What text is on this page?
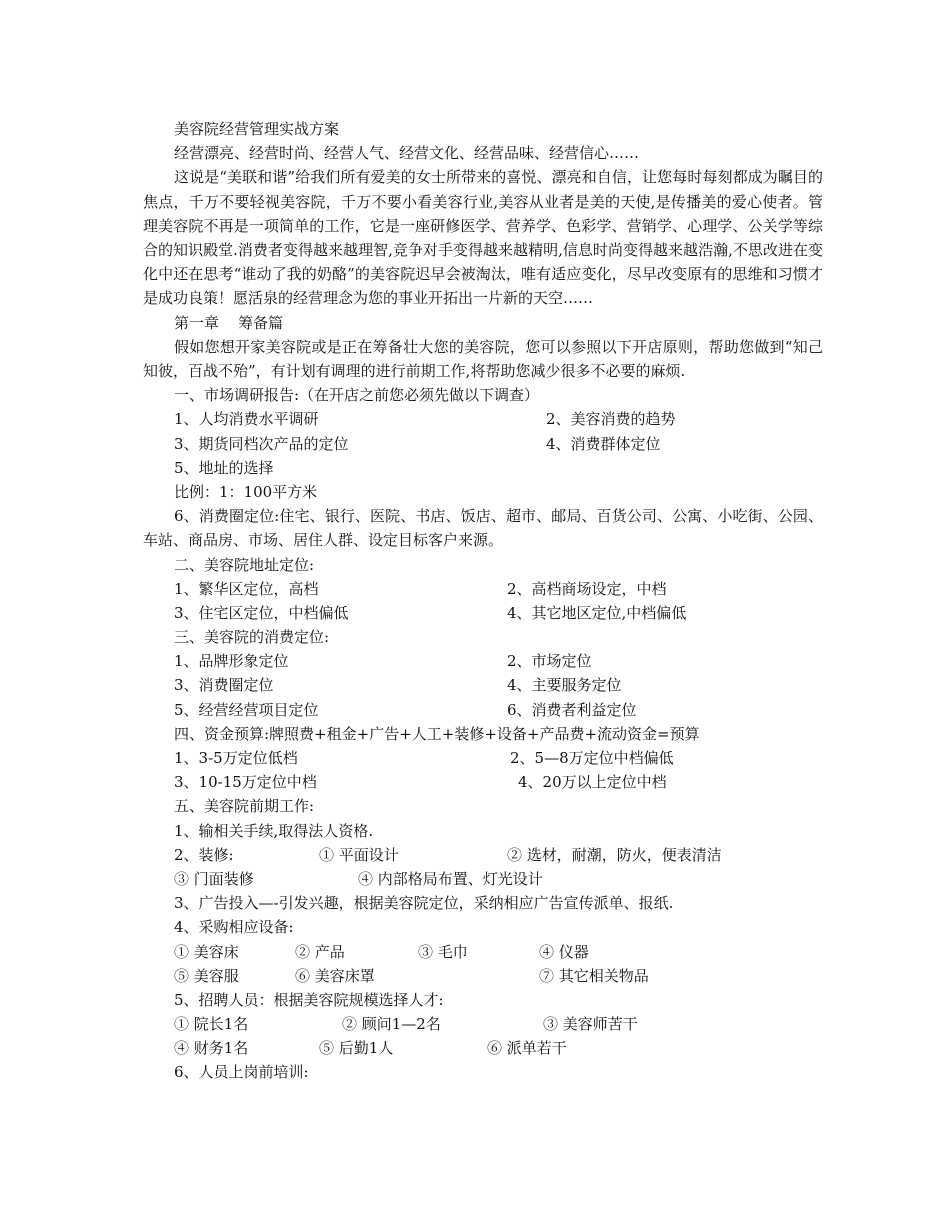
美容院经营管理实战方案
经营漂亮、经营时尚、经营人气、经营文化、经营品味、经营信心……

这说是“美联和谐”给我们所有爱美的女士所带来的喜悦、漂亮和自信，让您每时每刻都成为瞩目的焦点，千万不要轻视美容院，千万不要小看美容行业,美容从业者是美的天使,是传播美的爱心使者。管理美容院不再是一项简单的工作，它是一座研修医学、营养学、色彩学、营销学、心理学、公关学等综合的知识殿堂.消费者变得越来越理智,竞争对手变得越来越精明,信息时尚变得越来越浩瀚,不思改进在变化中还在思考“谁动了我的奶酪”的美容院迟早会被淘汰，唯有适应变化，尽早改变原有的思维和习惯才是成功良策！愿活泉的经营理念为您的事业开拓出一片新的天空……

第一章    筹备篇

假如您想开家美容院或是正在筹备壮大您的美容院，您可以参照以下开店原则，帮助您做到“知己知彼，百战不殆”，有计划有调理的进行前期工作,将帮助您减少很多不必要的麻烦.

一、市场调研报告:（在开店之前您必须先做以下调查）
1、人均消费水平调研	2、美容消费的趋势
3、期货同档次产品的定位	4、消费群体定位
5、地址的选择
比例：1：100平方米

6、消费圈定位:住宅、银行、医院、书店、饭店、超市、邮局、百货公司、公寓、小吃街、公园、车站、商品房、市场、居住人群、设定目标客户来源。

二、美容院地址定位:
1、繁华区定位，高档	2、高档商场设定，中档
3、住宅区定位，中档偏低	4、其它地区定位,中档偏低
三、美容院的消费定位:
1、品牌形象定位	2、市场定位
3、消费圈定位	4、主要服务定位
5、经营经营项目定位	6、消费者利益定位
四、资金预算:牌照费+租金+广告+人工+装修+设备+产品费+流动资金=预算
1、3-5万定位低档	2、5—8万定位中档偏低
3、10-15万定位中档	4、20万以上定位中档
五、美容院前期工作:
1、输相关手续,取得法人资格.
2、装修:	① 平面设计	② 选材，耐潮，防火，便表清洁
③ 门面装修	④ 内部格局布置、灯光设计
3、广告投入—-引发兴趣，根据美容院定位，采纳相应广告宣传派单、报纸.
4、采购相应设备:
① 美容床	② 产品	③ 毛巾	④ 仪器
⑤ 美容服	⑥ 美容床罩	⑦ 其它相关物品
5、招聘人员：根据美容院规模选择人才:
① 院长1名	② 顾问1—2名	③ 美容师苦干
④ 财务1名	⑤ 后勤1人	⑥ 派单若干
6、人员上岗前培训:
